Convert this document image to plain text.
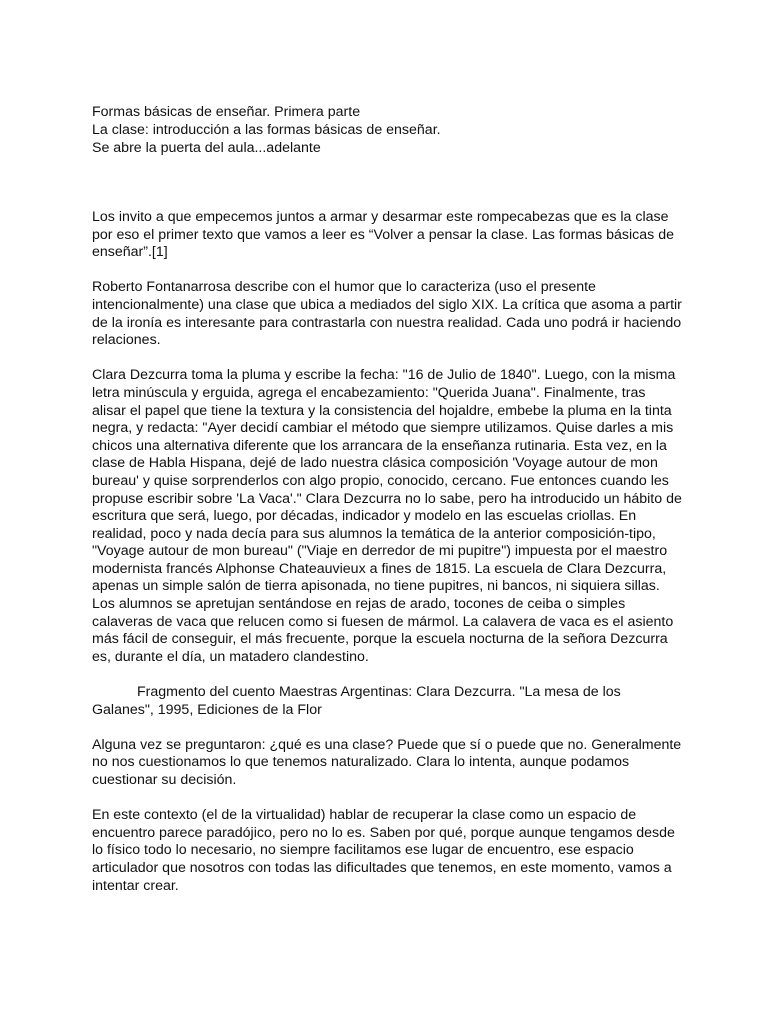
Formas básicas de enseñar. Primera parte
La clase: introducción a las formas básicas de enseñar.
Se abre la puerta del aula...adelante

Los invito a que empecemos juntos a armar y desarmar este rompecabezas que es la clase por eso el primer texto que vamos a leer es “Volver a pensar la clase. Las formas básicas de enseñar”.[1]

Roberto Fontanarrosa describe con el humor que lo caracteriza (uso el presente intencionalmente) una clase que ubica a mediados del siglo XIX. La crítica que asoma a partir de la ironía es interesante para contrastarla con nuestra realidad. Cada uno podrá ir haciendo relaciones.

Clara Dezcurra toma la pluma y escribe la fecha: "16 de Julio de 1840". Luego, con la misma letra minúscula y erguida, agrega el encabezamiento: "Querida Juana". Finalmente, tras alisar el papel que tiene la textura y la consistencia del hojaldre, embebe la pluma en la tinta negra, y redacta: "Ayer decidí cambiar el método que siempre utilizamos. Quise darles a mis chicos una alternativa diferente que los arrancara de la enseñanza rutinaria. Esta vez, en la clase de Habla Hispana, dejé de lado nuestra clásica composición 'Voyage autour de mon bureau' y quise sorprenderlos con algo propio, conocido, cercano. Fue entonces cuando les propuse escribir sobre 'La Vaca'." Clara Dezcurra no lo sabe, pero ha introducido un hábito de escritura que será, luego, por décadas, indicador y modelo en las escuelas criollas. En realidad, poco y nada decía para sus alumnos la temática de la anterior composición-tipo, "Voyage autour de mon bureau" ("Viaje en derredor de mi pupitre") impuesta por el maestro modernista francés Alphonse Chateauvieux a fines de 1815. La escuela de Clara Dezcurra, apenas un simple salón de tierra apisonada, no tiene pupitres, ni bancos, ni siquiera sillas. Los alumnos se apretujan sentándose en rejas de arado, tocones de ceiba o simples calaveras de vaca que relucen como si fuesen de mármol. La calavera de vaca es el asiento más fácil de conseguir, el más frecuente, porque la escuela nocturna de la señora Dezcurra es, durante el día, un matadero clandestino.

Fragmento del cuento Maestras Argentinas: Clara Dezcurra. "La mesa de los Galanes", 1995, Ediciones de la Flor

Alguna vez se preguntaron: ¿qué es una clase? Puede que sí o puede que no. Generalmente no nos cuestionamos lo que tenemos naturalizado. Clara lo intenta, aunque podamos cuestionar su decisión.

En este contexto (el de la virtualidad) hablar de recuperar la clase como un espacio de encuentro parece paradójico, pero no lo es. Saben por qué, porque aunque tengamos desde lo físico todo lo necesario, no siempre facilitamos ese lugar de encuentro, ese espacio articulador que nosotros con todas las dificultades que tenemos, en este momento, vamos a intentar crear.
